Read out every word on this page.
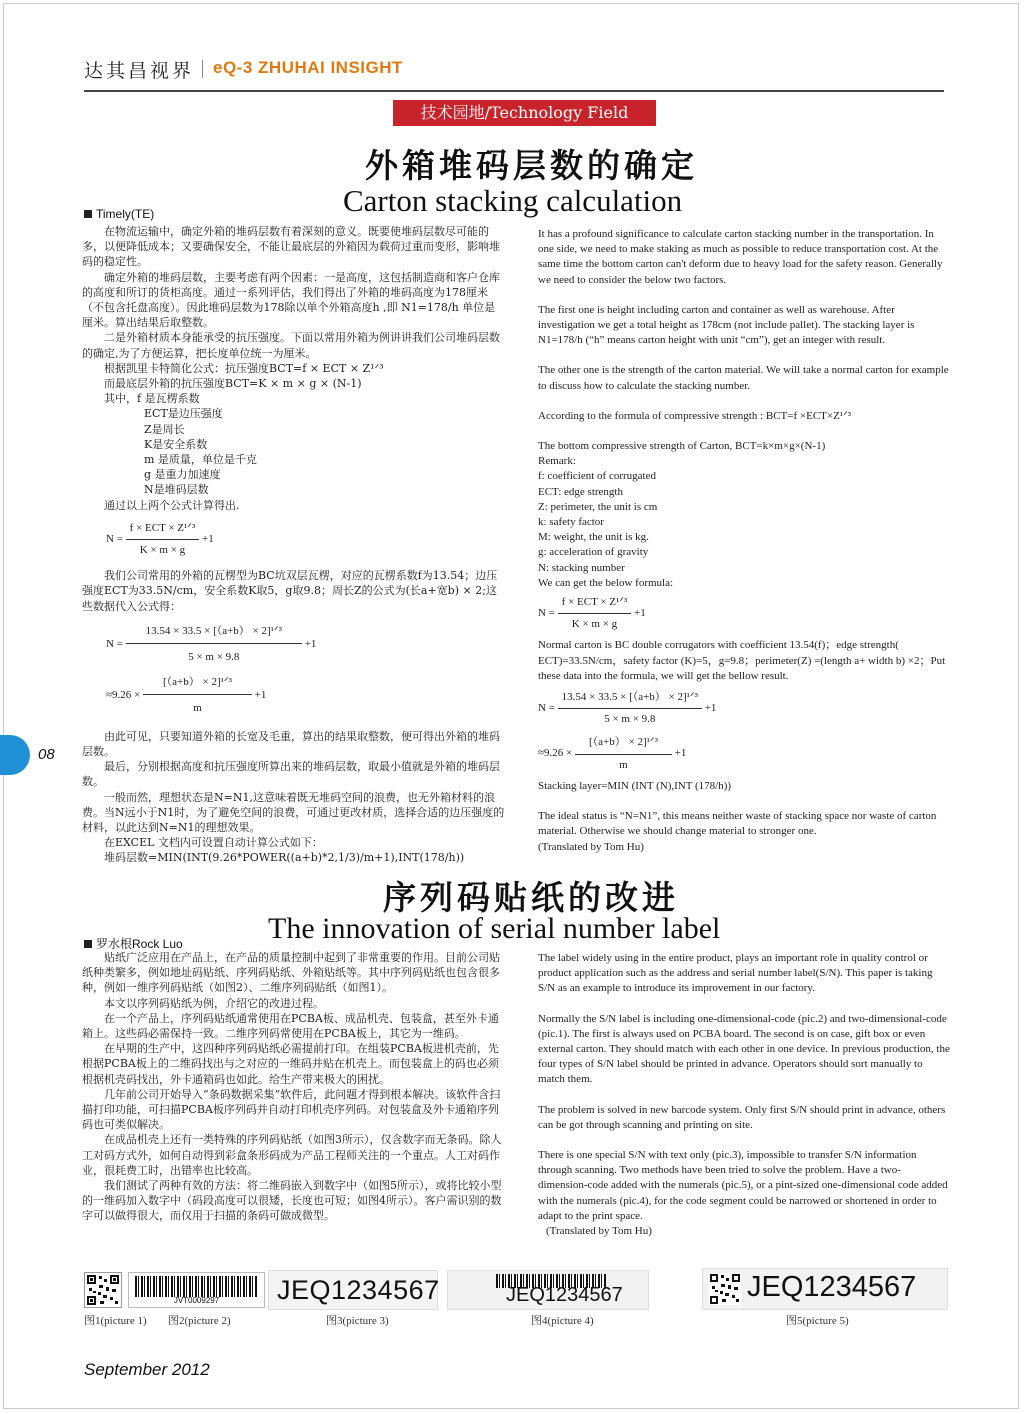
达其昌视界 eQ-3 ZHUHAI INSIGHT
技术园地/Technology Field
外箱堆码层数的确定
Carton stacking calculation
Timely(TE)

在物流运输中，确定外箱的堆码层数有着深刻的意义。既要使堆码层数尽可能的多，以便降低成本；又要确保安全，不能让最底层的外箱因为载荷过重而变形，影响堆码的稳定性。

确定外箱的堆码层数，主要考虑有两个因素：一是高度，这包括制造商和客户仓库的高度和所订的货柜高度。通过一系列评估，我们得出了外箱的堆码高度为178厘米（不包含托盘高度）。因此堆码层数为178除以单个外箱高度h ,即 N1=178/h 单位是厘米。算出结果后取整数。

二是外箱材质本身能承受的抗压强度。下面以常用外箱为例讲讲我们公司堆码层数的确定,为了方便运算，把长度单位统一为厘米。

根据凯里卡特简化公式：抗压强度BCT=f × ECT × Z¹ᐟ³

而最底层外箱的抗压强度BCT=K × m × g × (N-1)

其中，f 是瓦楞系数

ECT是边压强度

Z是周长

K是安全系数

m 是质量，单位是千克

g 是重力加速度

N是堆码层数

通过以上两个公式计算得出.

$N = \frac{\text{f × ECT × Z¹ᐟ³}}{K \times m \times g} +1$

我们公司常用的外箱的瓦楞型为BC坑双层瓦楞，对应的瓦楞系数f为13.54；边压强度ECT为33.5N/cm，安全系数K取5，g取9.8；周长Z的公式为(长a+宽b) × 2;这些数据代入公式得：

$N = \frac{\text{13.54 × 33.5 × [（a+b） × 2]¹ᐟ³}}{5 \times m \times 9.8} +1$
$\approx 9.26 \times \frac{\text{[（a+b） × 2]¹ᐟ³}}{m} +1$

由此可见，只要知道外箱的长宽及毛重，算出的结果取整数，便可得出外箱的堆码层数。

最后，分别根据高度和抗压强度所算出来的堆码层数，取最小值就是外箱的堆码层数。

一般而然，理想状态是N=N1,这意味着既无堆码空间的浪费，也无外箱材料的浪费。当N远小于N1时，为了避免空间的浪费，可通过更改材质，选择合适的边压强度的材料，以此达到N=N1的理想效果。

在EXCEL 文档内可设置自动计算公式如下：

堆码层数=MIN(INT(9.26*POWER((a+b)*2,1/3)/m+1),INT(178/h))

It has a profound significance to calculate carton stacking number in the transportation. In one side, we need to make staking as much as possible to reduce transportation cost. At the same time the bottom carton can't deform due to heavy load for the safety reason. Generally we need to consider the below two factors.

The first one is height including carton and container as well as warehouse. After investigation we get a total height as 178cm (not include pallet). The stacking layer is N1=178/h (“h” means carton height with unit “cm”), get an integer with result.

The other one is the strength of the carton material. We will take a normal carton for example to discuss how to calculate the stacking number.

According to the formula of compressive strength : BCT=f ×ECT×Z¹ᐟ³

The bottom compressive strength of Carton, BCT=k×m×g×(N-1)

Remark:

f: coefficient of corrugated

ECT: edge strength

Z: perimeter, the unit is cm

k: safety factor

M: weight, the unit is kg.

g: acceleration of gravity

N: stacking number

We can get the below formula:

$N = \frac{\text{f × ECT × Z¹ᐟ³}}{K \times m \times g} +1$

Normal carton is BC double corrugators with coefficient 13.54(f)；edge strength( ECT)=33.5N/cm，safety factor (K)=5，g=9.8；perimeter(Z) =(length a+ width b) ×2；Put these data into the formula, we will get the bellow result.

$N = \frac{\text{13.54 × 33.5 × [（a+b） × 2]¹ᐟ³}}{5 \times m \times 9.8} +1$
$\approx 9.26 \times \frac{\text{[（a+b） × 2]¹ᐟ³}}{m} +1$

Stacking layer=MIN (INT (N),INT (178/h))

The ideal status is “N=N1”, this means neither waste of stacking space nor waste of carton material. Otherwise we should change material to stronger one.

(Translated by Tom Hu)

08
序列码贴纸的改进
The innovation of serial number label
罗水根Rock Luo

贴纸广泛应用在产品上，在产品的质量控制中起到了非常重要的作用。目前公司贴纸种类繁多，例如地址码贴纸、序列码贴纸、外箱贴纸等。其中序列码贴纸也包含很多种，例如一维序列码贴纸（如图2）、二维序列码贴纸（如图1）。

本文以序列码贴纸为例，介绍它的改进过程。

在一个产品上，序列码贴纸通常使用在PCBA板、成品机壳、包装盒，甚至外卡通箱上。这些码必需保持一致。二维序列码常使用在PCBA板上，其它为一维码。

在早期的生产中，这四种序列码贴纸必需提前打印。在组装PCBA板进机壳前，先根据PCBA板上的二维码找出与之对应的一维码并贴在机壳上。而包装盒上的码也必须根据机壳码找出，外卡通箱码也如此。给生产带来极大的困扰。

几年前公司开始导入“条码数据采集”软件后，此问题才得到根本解决。该软件含扫描打印功能，可扫描PCBA板序列码并自动打印机壳序列码。对包装盒及外卡通箱序列码也可类似解决。

在成品机壳上还有一类特殊的序列码贴纸（如图3所示），仅含数字而无条码。除人工对码方式外，如何自动得到彩盒条形码成为产品工程师关注的一个重点。人工对码作业，很耗费工时，出错率也比较高。

我们测试了两种有效的方法：将二维码嵌入到数字中（如图5所示），或将比较小型的一维码加入数字中（码段高度可以很矮，长度也可短；如图4所示）。客户需识别的数字可以做得很大，而仅用于扫描的条码可做成微型。

The label widely using in the entire product, plays an important role in quality control or product application such as the address and serial number label(S/N). This paper is taking S/N as an example to introduce its improvement in our factory.

Normally the S/N label is including one-dimensional-code (pic.2) and two-dimensional-code (pic.1). The first is always used on PCBA board. The second is on case, gift box or even external carton. They should match with each other in one device. In previous production, the four types of S/N label should be printed in advance. Operators should sort manually to match them.

The problem is solved in new barcode system. Only first S/N should print in advance, others can be got through scanning and printing on site.

There is one special S/N with text only (pic.3), impossible to transfer S/N information through scanning. Two methods have been tried to solve the problem. Have a two-dimension-code added with the numerals (pic.5), or a pint-sized one-dimensional code added with the numerals (pic.4), for the code segment could be narrowed or shortened in order to adapt to the print space.

(Translated by Tom Hu)

JVT0009297	JEQ1234567	JEQ1234567	JEQ1234567
图1(picture 1) 图2(picture 2)	图3(picture 3)	图4(picture 4)	图5(picture 5)
September 2012
